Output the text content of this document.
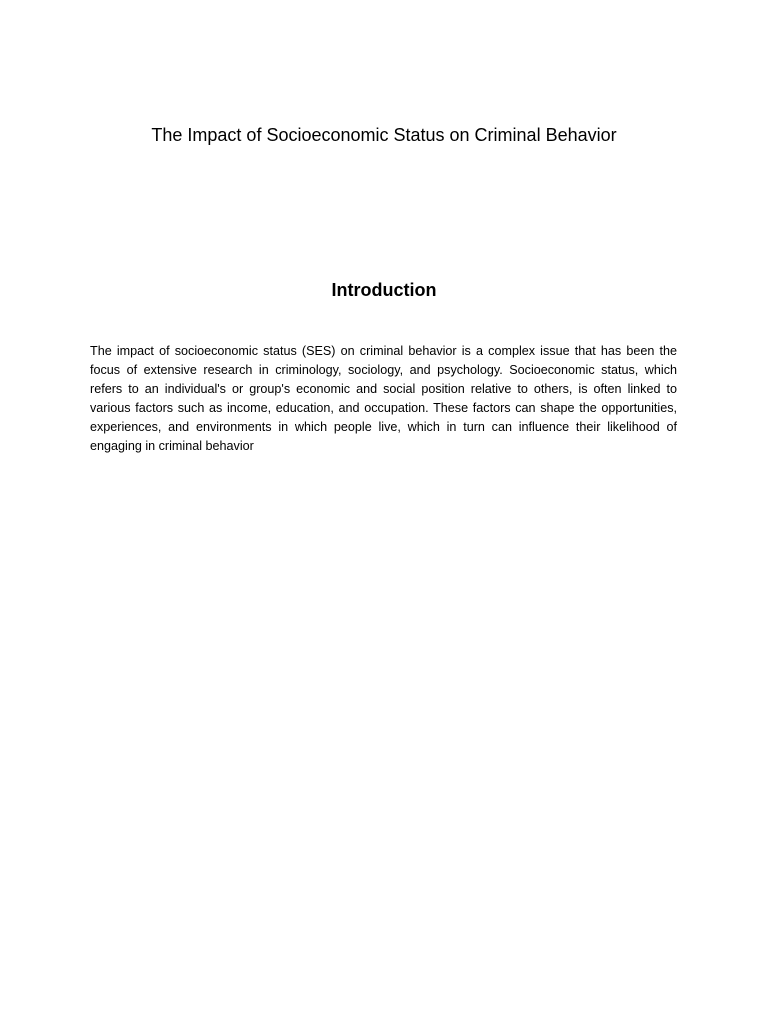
The Impact of Socioeconomic Status on Criminal Behavior
Introduction

The impact of socioeconomic status (SES) on criminal behavior is a complex issue that has been the focus of extensive research in criminology, sociology, and psychology. Socioeconomic status, which refers to an individual's or group's economic and social position relative to others, is often linked to various factors such as income, education, and occupation. These factors can shape the opportunities, experiences, and environments in which people live, which in turn can influence their likelihood of engaging in criminal behavior
